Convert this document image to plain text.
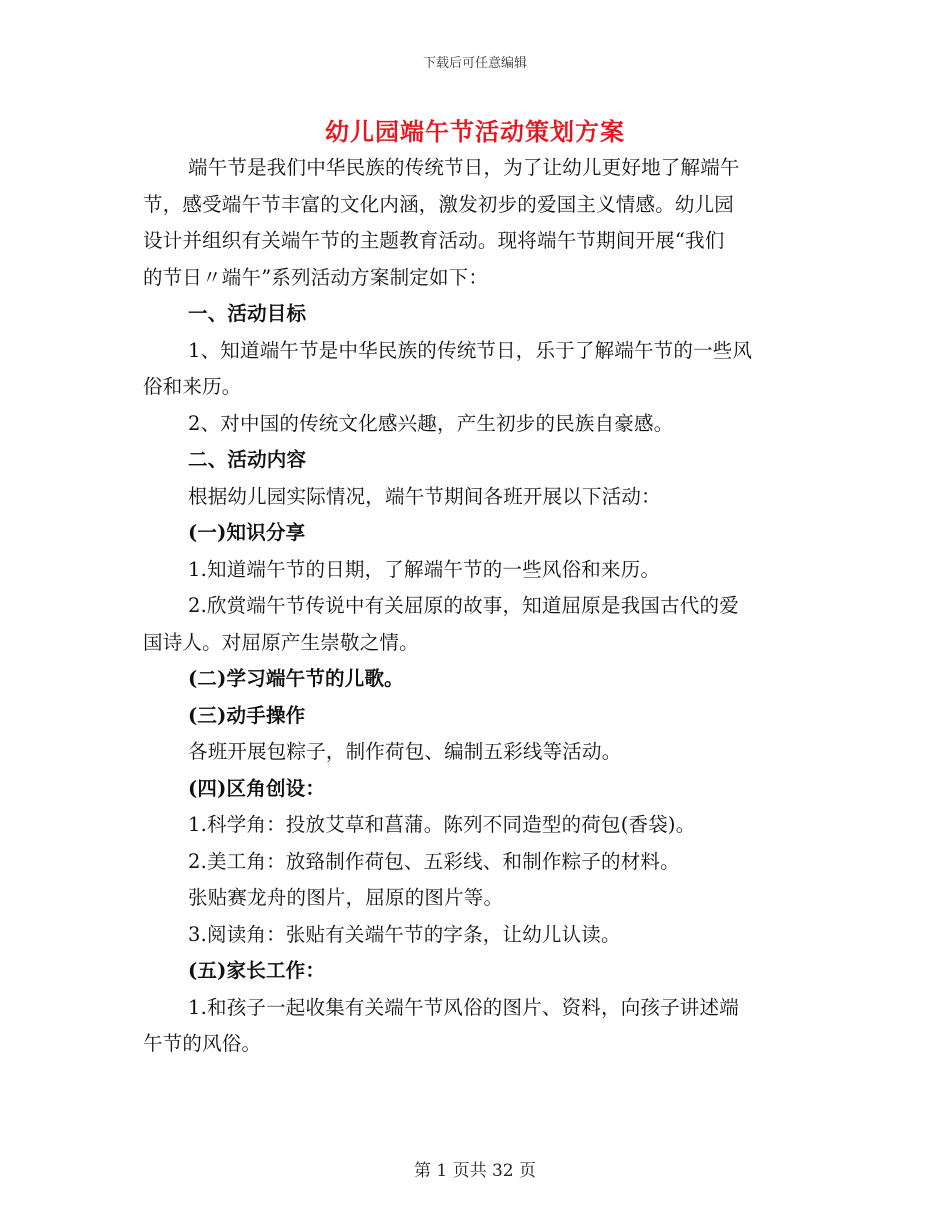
下载后可任意编辑
幼儿园端午节活动策划方案

端午节是我们中华民族的传统节日，为了让幼儿更好地了解端午

节，感受端午节丰富的文化内涵，激发初步的爱国主义情感。幼儿园

设计并组织有关端午节的主题教育活动。现将端午节期间开展“我们

的节日〃端午”系列活动方案制定如下：

一、活动目标

1、知道端午节是中华民族的传统节日，乐于了解端午节的一些风

俗和来历。

2、对中国的传统文化感兴趣，产生初步的民族自豪感。

二、活动内容

根据幼儿园实际情况，端午节期间各班开展以下活动：

(一)知识分享

1.知道端午节的日期，了解端午节的一些风俗和来历。

2.欣赏端午节传说中有关屈原的故事，知道屈原是我国古代的爱

国诗人。对屈原产生崇敬之情。

(二)学习端午节的儿歌。

(三)动手操作

各班开展包粽子，制作荷包、编制五彩线等活动。

(四)区角创设：

1.科学角：投放艾草和菖蒲。陈列不同造型的荷包(香袋)。

2.美工角：放臵制作荷包、五彩线、和制作粽子的材料。

张贴赛龙舟的图片，屈原的图片等。

3.阅读角：张贴有关端午节的字条，让幼儿认读。

(五)家长工作：

1.和孩子一起收集有关端午节风俗的图片、资料，向孩子讲述端

午节的风俗。

第 1 页共 32 页
